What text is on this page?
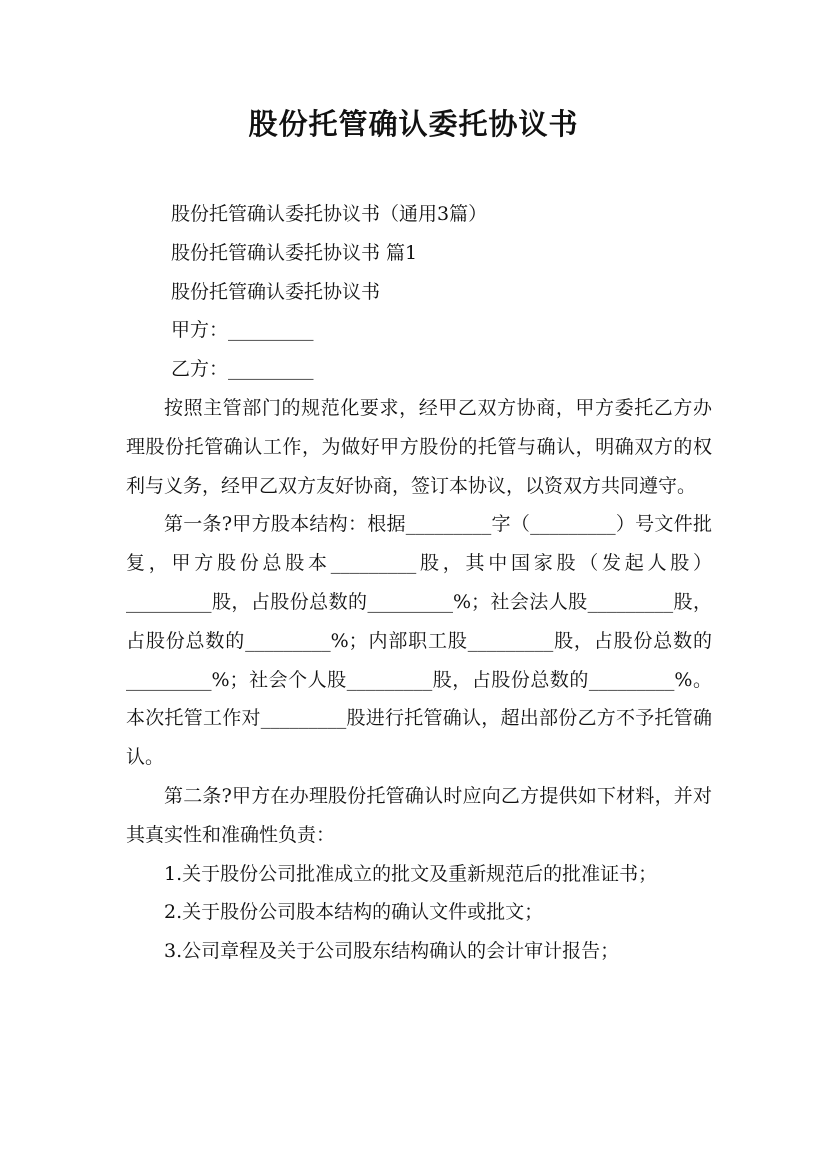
股份托管确认委托协议书

股份托管确认委托协议书（通用3篇）

股份托管确认委托协议书 篇1

股份托管确认委托协议书

甲方：_________

乙方：_________

按照主管部门的规范化要求，经甲乙双方协商，甲方委托乙方办理股份托管确认工作，为做好甲方股份的托管与确认，明确双方的权利与义务，经甲乙双方友好协商，签订本协议，以资双方共同遵守。

第一条?甲方股本结构：根据_________字（_________）号文件批复，甲方股份总股本_________股，其中国家股（发起人股）_________股，占股份总数的_________%；社会法人股_________股，占股份总数的_________%；内部职工股_________股，占股份总数的_________%；社会个人股_________股，占股份总数的_________%。本次托管工作对_________股进行托管确认，超出部份乙方不予托管确认。

第二条?甲方在办理股份托管确认时应向乙方提供如下材料，并对其真实性和准确性负责：

1.关于股份公司批准成立的批文及重新规范后的批准证书；

2.关于股份公司股本结构的确认文件或批文；

3.公司章程及关于公司股东结构确认的会计审计报告；
